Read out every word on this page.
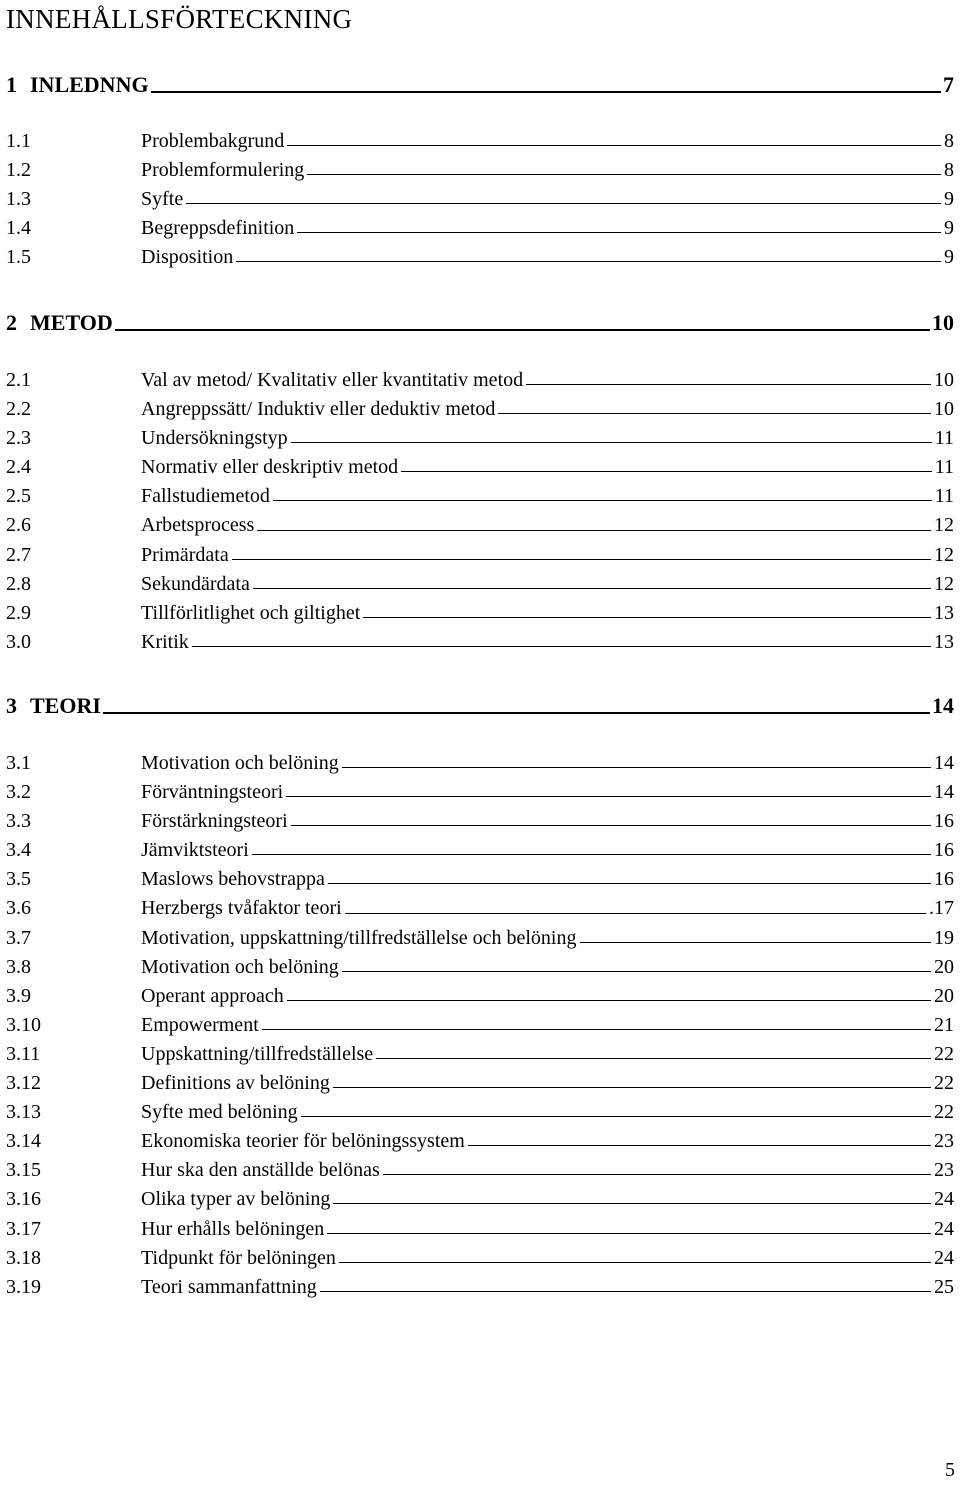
INNEHÅLLSFÖRTECKNING
1 INLEDNNG	7
1.1	Problembakgrund	8
1.2	Problemformulering	8
1.3	Syfte	9
1.4	Begreppsdefinition	9
1.5	Disposition	9
2 METOD	10
2.1	Val av metod/ Kvalitativ eller kvantitativ metod	10
2.2	Angreppssätt/ Induktiv eller deduktiv metod	10
2.3	Undersökningstyp	11
2.4	Normativ eller deskriptiv metod	11
2.5	Fallstudiemetod	11
2.6	Arbetsprocess	12
2.7	Primärdata	12
2.8	Sekundärdata	12
2.9	Tillförlitlighet och giltighet	13
3.0	Kritik	13
3 TEORI	14
3.1	Motivation och belöning	14
3.2	Förväntningsteori	14
3.3	Förstärkningsteori	16
3.4	Jämviktsteori	16
3.5	Maslows behovstrappa	16
3.6	Herzbergs tvåfaktor teori	.17
3.7	Motivation, uppskattning/tillfredställelse och belöning	19
3.8	Motivation och belöning	20
3.9	Operant approach	20
3.10	Empowerment	21
3.11	Uppskattning/tillfredställelse	22
3.12	Definitions av belöning	22
3.13	Syfte med belöning	22
3.14	Ekonomiska teorier för belöningssystem	23
3.15	Hur ska den anställde belönas	23
3.16	Olika typer av belöning	24
3.17	Hur erhålls belöningen	24
3.18	Tidpunkt för belöningen	24
3.19	Teori sammanfattning	25
5
